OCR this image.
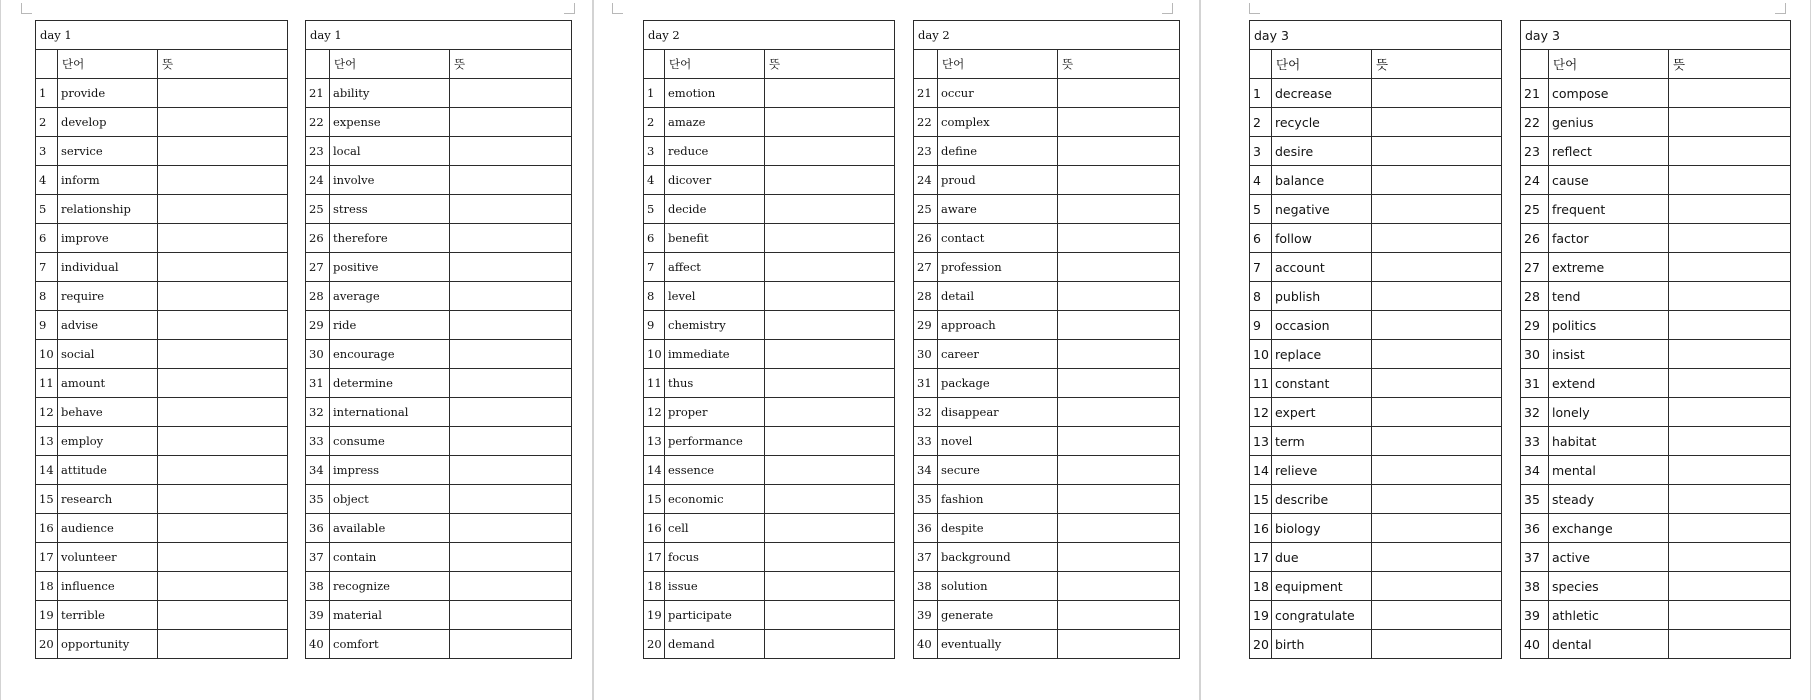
day 1		
	단어	뜻
1	provide	
2	develop	
3	service	
4	inform	
5	relationship	
6	improve	
7	individual	
8	require	
9	advise	
10	social	
11	amount	
12	behave	
13	employ	
14	attitude	
15	research	
16	audience	
17	volunteer	
18	influence	
19	terrible	
20	opportunity	
day 1		
	단어	뜻
21	ability	
22	expense	
23	local	
24	involve	
25	stress	
26	therefore	
27	positive	
28	average	
29	ride	
30	encourage	
31	determine	
32	international	
33	consume	
34	impress	
35	object	
36	available	
37	contain	
38	recognize	
39	material	
40	comfort	
day 2		
	단어	뜻
1	emotion	
2	amaze	
3	reduce	
4	dicover	
5	decide	
6	benefit	
7	affect	
8	level	
9	chemistry	
10	immediate	
11	thus	
12	proper	
13	performance	
14	essence	
15	economic	
16	cell	
17	focus	
18	issue	
19	participate	
20	demand	
day 2		
	단어	뜻
21	occur	
22	complex	
23	define	
24	proud	
25	aware	
26	contact	
27	profession	
28	detail	
29	approach	
30	career	
31	package	
32	disappear	
33	novel	
34	secure	
35	fashion	
36	despite	
37	background	
38	solution	
39	generate	
40	eventually	
day 3		
	단어	뜻
1	decrease	
2	recycle	
3	desire	
4	balance	
5	negative	
6	follow	
7	account	
8	publish	
9	occasion	
10	replace	
11	constant	
12	expert	
13	term	
14	relieve	
15	describe	
16	biology	
17	due	
18	equipment	
19	congratulate	
20	birth	
day 3		
	단어	뜻
21	compose	
22	genius	
23	reflect	
24	cause	
25	frequent	
26	factor	
27	extreme	
28	tend	
29	politics	
30	insist	
31	extend	
32	lonely	
33	habitat	
34	mental	
35	steady	
36	exchange	
37	active	
38	species	
39	athletic	
40	dental	
